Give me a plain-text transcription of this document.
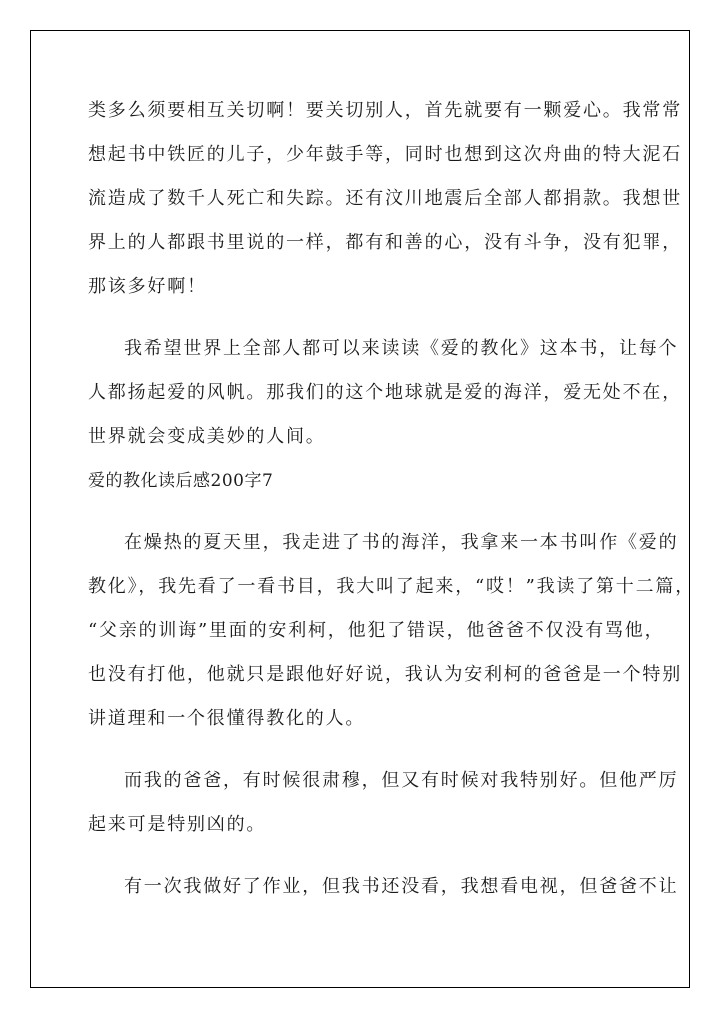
类多么须要相互关切啊！要关切别人，首先就要有一颗爱心。我常常
想起书中铁匠的儿子，少年鼓手等，同时也想到这次舟曲的特大泥石
流造成了数千人死亡和失踪。还有汶川地震后全部人都捐款。我想世
界上的人都跟书里说的一样，都有和善的心，没有斗争，没有犯罪，
那该多好啊！
我希望世界上全部人都可以来读读《爱的教化》这本书，让每个
人都扬起爱的风帆。那我们的这个地球就是爱的海洋，爱无处不在，
世界就会变成美妙的人间。
爱的教化读后感200字7
在燥热的夏天里，我走进了书的海洋，我拿来一本书叫作《爱的
教化》，我先看了一看书目，我大叫了起来，“哎！”我读了第十二篇，
“父亲的训诲”里面的安利柯，他犯了错误，他爸爸不仅没有骂他，
也没有打他，他就只是跟他好好说，我认为安利柯的爸爸是一个特别
讲道理和一个很懂得教化的人。
而我的爸爸，有时候很肃穆，但又有时候对我特别好。但他严厉
起来可是特别凶的。
有一次我做好了作业，但我书还没看，我想看电视，但爸爸不让
